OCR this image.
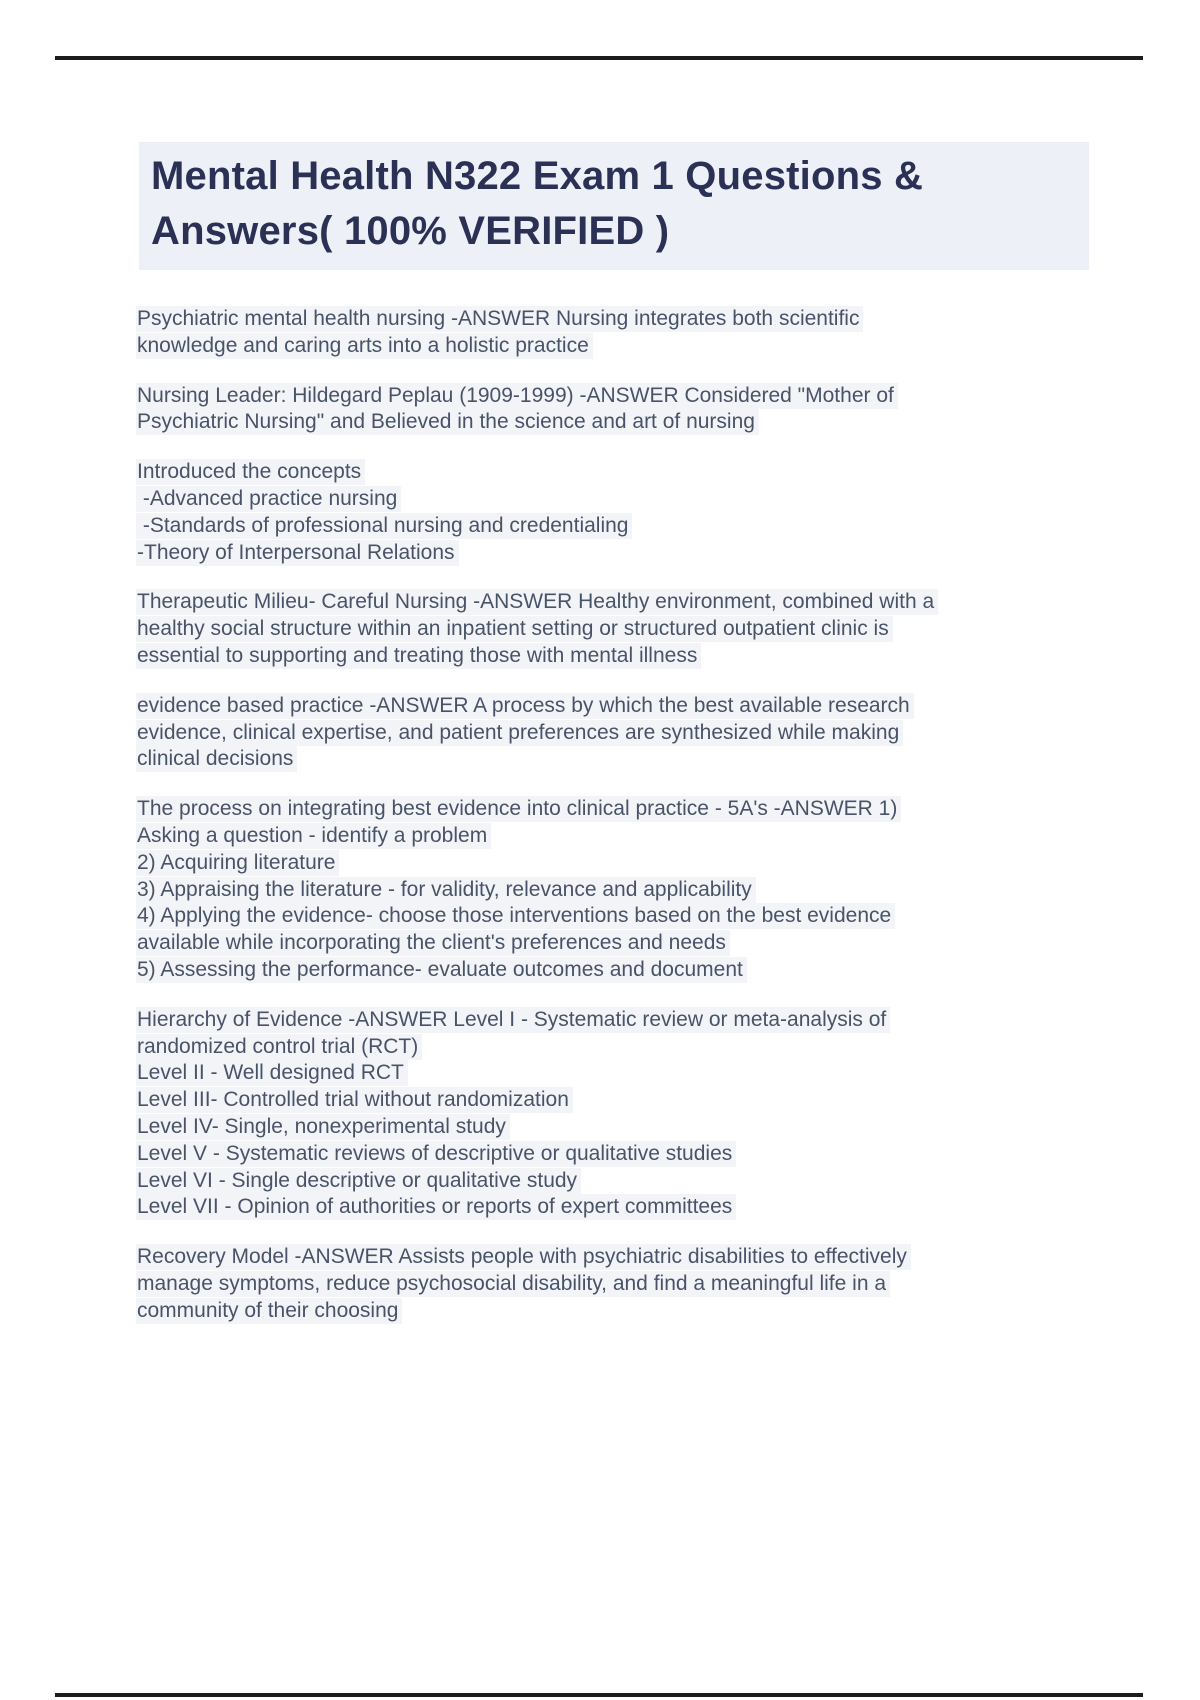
Mental Health N322 Exam 1 Questions &
Answers( 100% VERIFIED )

Psychiatric mental health nursing -ANSWER Nursing integrates both scientific
knowledge and caring arts into a holistic practice

Nursing Leader: Hildegard Peplau (1909-1999) -ANSWER Considered "Mother of
Psychiatric Nursing" and Believed in the science and art of nursing

Introduced the concepts
-Advanced practice nursing
-Standards of professional nursing and credentialing
-Theory of Interpersonal Relations

Therapeutic Milieu- Careful Nursing -ANSWER Healthy environment, combined with a
healthy social structure within an inpatient setting or structured outpatient clinic is
essential to supporting and treating those with mental illness

evidence based practice -ANSWER A process by which the best available research
evidence, clinical expertise, and patient preferences are synthesized while making
clinical decisions

The process on integrating best evidence into clinical practice - 5A's -ANSWER 1)
Asking a question - identify a problem
2) Acquiring literature
3) Appraising the literature - for validity, relevance and applicability
4) Applying the evidence- choose those interventions based on the best evidence
available while incorporating the client's preferences and needs
5) Assessing the performance- evaluate outcomes and document

Hierarchy of Evidence -ANSWER Level I - Systematic review or meta-analysis of
randomized control trial (RCT)
Level II - Well designed RCT
Level III- Controlled trial without randomization
Level IV- Single, nonexperimental study
Level V - Systematic reviews of descriptive or qualitative studies
Level VI - Single descriptive or qualitative study
Level VII - Opinion of authorities or reports of expert committees

Recovery Model -ANSWER Assists people with psychiatric disabilities to effectively
manage symptoms, reduce psychosocial disability, and find a meaningful life in a
community of their choosing
